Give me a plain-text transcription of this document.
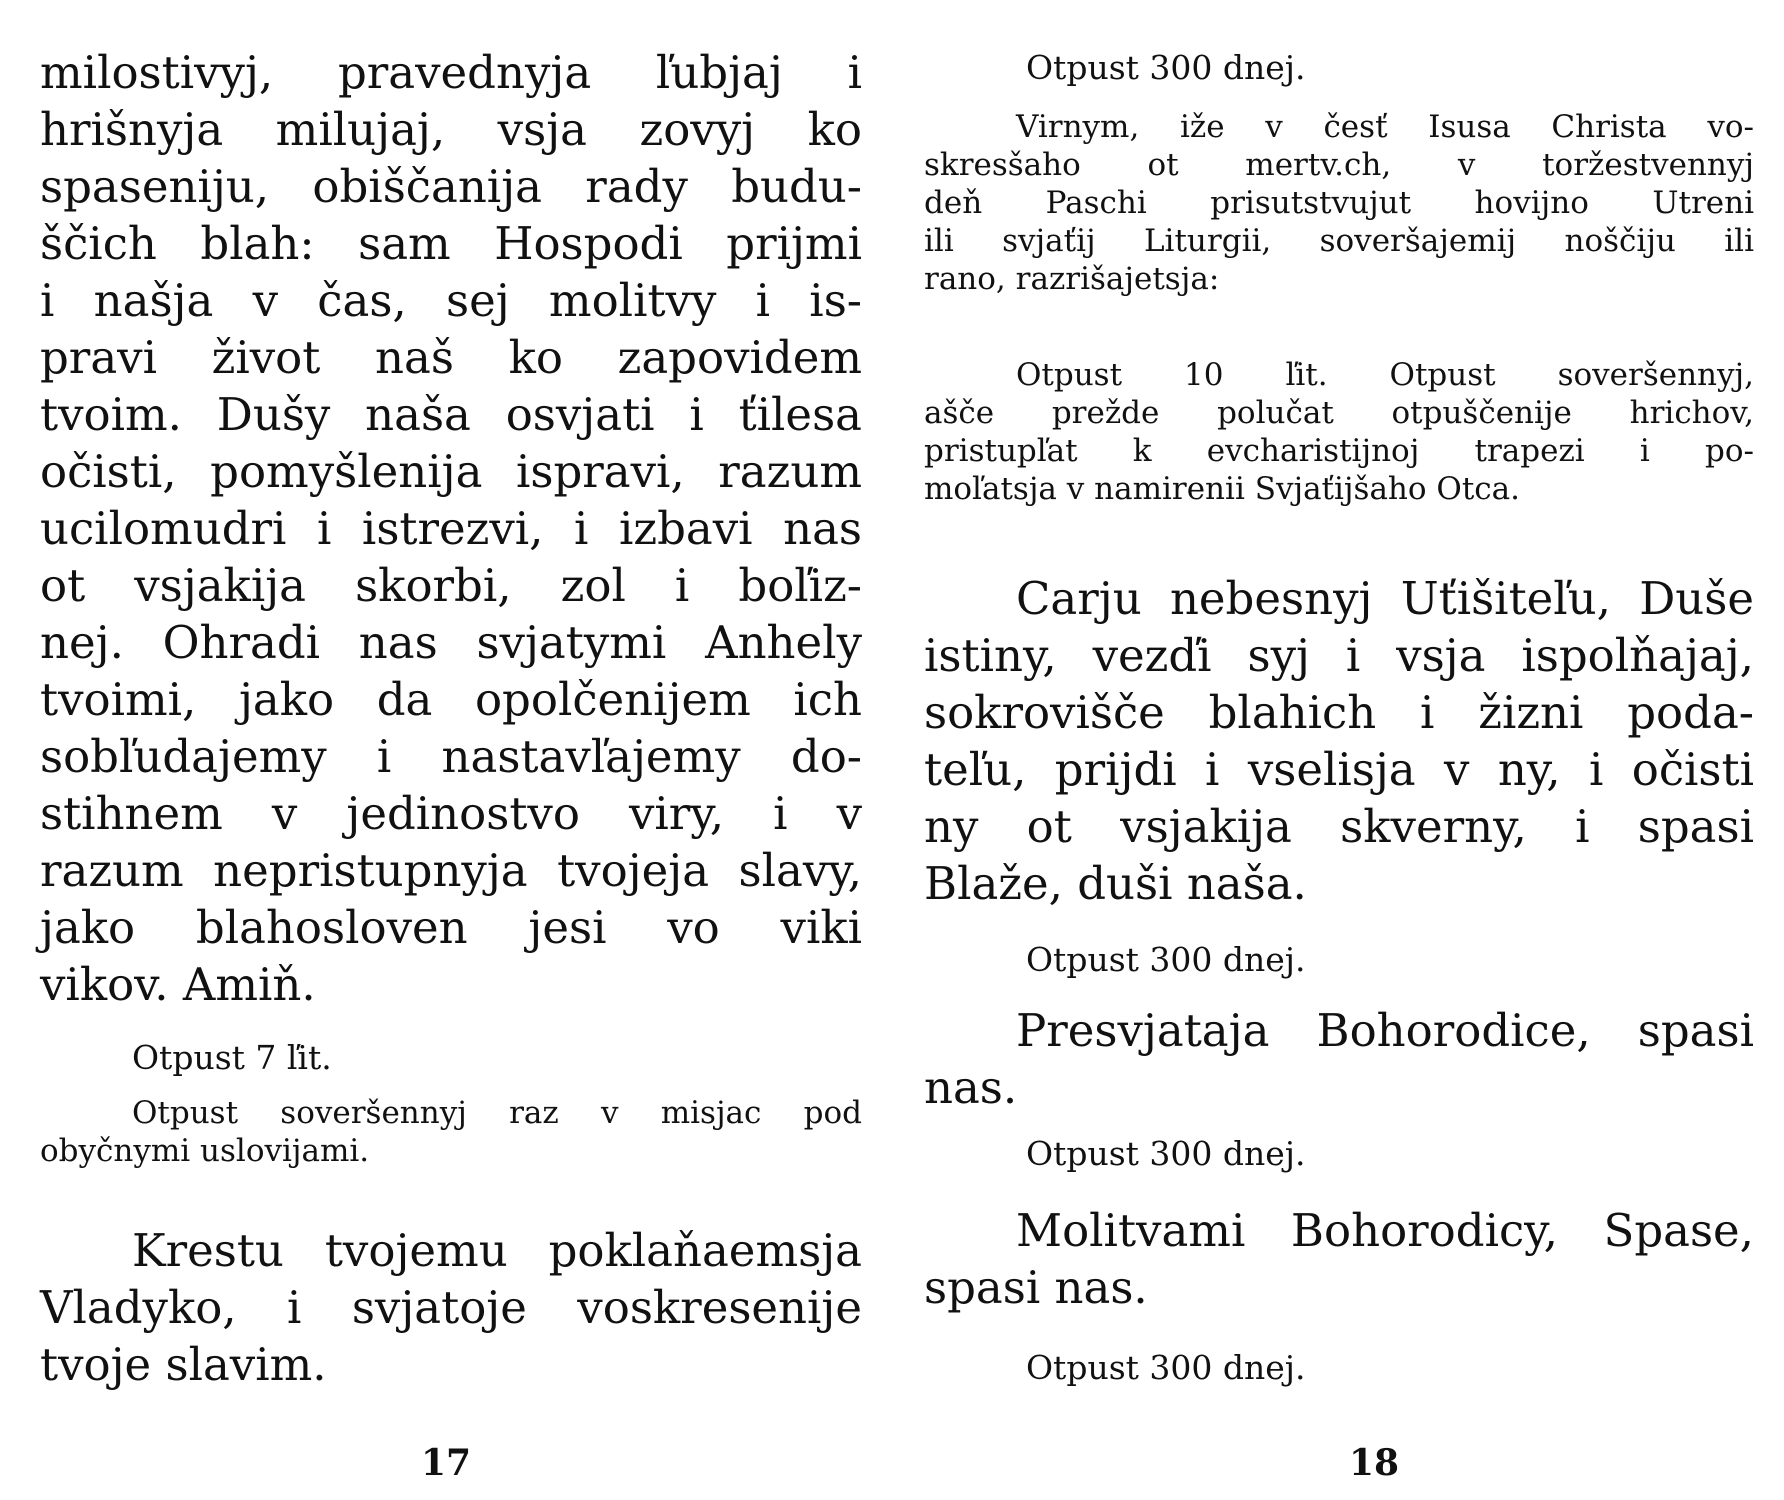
milostivyj, pravednyja ľubjaj i
hrišnyja milujaj, vsja zovyj ko
spaseniju, obiščanija rady budu-
ščich blah: sam Hospodi prijmi
i našja v čas, sej molitvy i is-
pravi život naš ko zapovidem
tvoim. Dušy naša osvjati i ťilesa
očisti, pomyšlenija ispravi, razum
ucilomudri i istrezvi, i izbavi nas
ot vsjakija skorbi, zol i boľiz-
nej. Ohradi nas svjatymi Anhely
tvoimi, jako da opolčenijem ich
sobľudajemy i nastavľajemy do-
stihnem v jedinostvo viry, i v
razum nepristupnyja tvojeja slavy,
jako blahosloven jesi vo viki
vikov. Amiň.
Otpust 7 ľit.
Otpust soveršennyj raz v misjac pod
obyčnymi uslovijami.
Krestu tvojemu poklaňaemsja
Vladyko, i svjatoje voskresenije
tvoje slavim.
17
Otpust 300 dnej.
Virnym, iže v česť Isusa Christa vo-
skresšaho ot mertv.ch, v toržestvennyj
deň Paschi prisutstvujut hovijno Utreni
ili svjaťij Liturgii, soveršajemij noščiju ili
rano, razrišajetsja:
Otpust 10 ľit. Otpust soveršennyj,
ašče prežde polučat otpuščenije hrichov,
pristupľat k evcharistijnoj trapezi i po-
moľatsja v namirenii Svjaťijšaho Otca.
Carju nebesnyj Uťišiteľu, Duše
istiny, vezďi syj i vsja ispolňajaj,
sokrovišče blahich i žizni poda-
teľu, prijdi i vselisja v ny, i očisti
ny ot vsjakija skverny, i spasi
Blaže, duši naša.
Otpust 300 dnej.
Presvjataja Bohorodice, spasi
nas.
Otpust 300 dnej.
Molitvami Bohorodicy, Spase,
spasi nas.
Otpust 300 dnej.
18
